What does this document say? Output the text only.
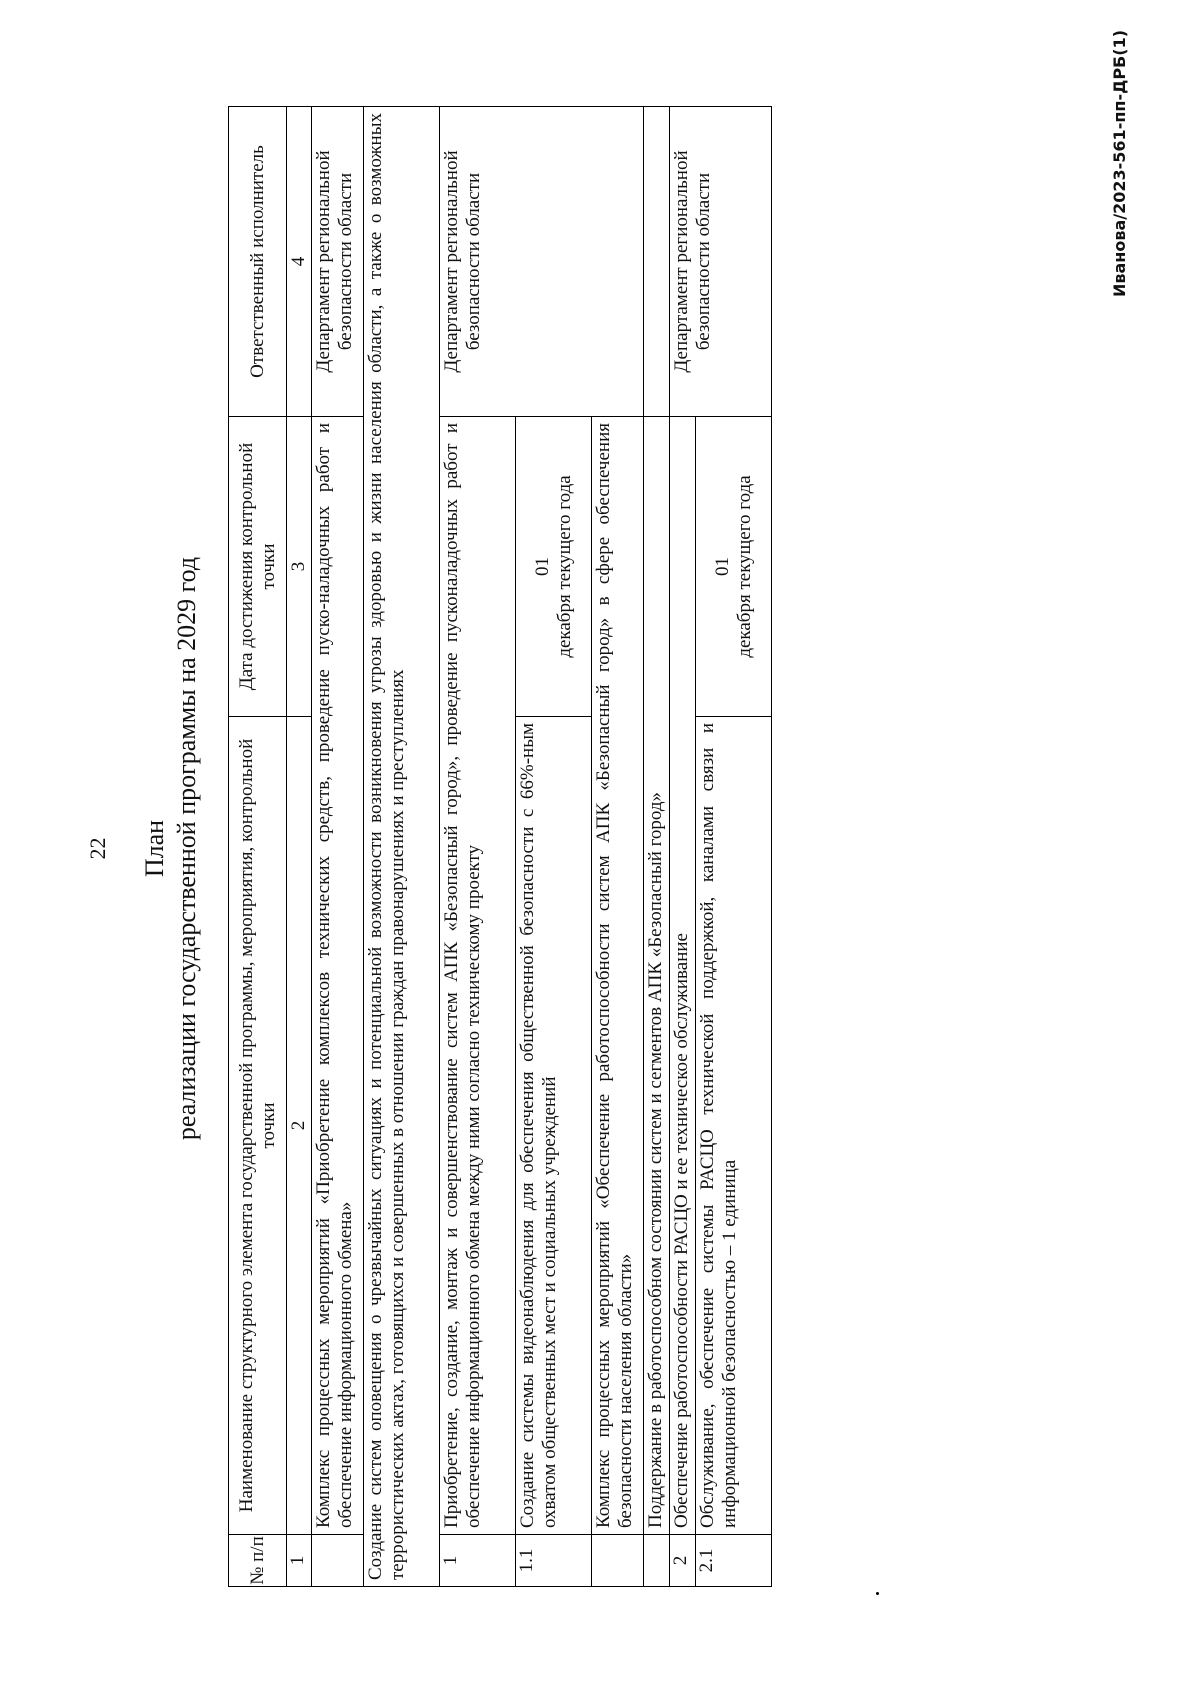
22 План реализации государственной программы на 2029 год
№ п/п	Наименование структурного элемента государственной программы, мероприятия, контрольной точки	Дата достижения контрольной точки	Ответственный исполнитель
1	2	3	4
	Комплекс процессных мероприятий «Приобретение комплексов технических средств, проведение пуско-наладочных работ и обеспечение информационного обмена»		Департамент региональной безопасности области
Создание систем оповещения о чрезвычайных ситуациях и потенциальной возможности возникновения угрозы здоровью и жизни населения области, а также о возможных террористических актах, готовящихся и совершенных в отношении граждан правонарушениях и преступлениях			
1	Приобретение, создание, монтаж и совершенствование систем АПК «Безопасный город», проведение пусконаладочных работ и обеспечение информационного обмена между ними согласно техническому проекту		Департамент региональной безопасности области
1.1	Создание системы видеонаблюдения для обеспечения общественной безопасности с 66%-ным охватом общественных мест и социальных учреждений	01 декабря текущего года	

	Комплекс процессных мероприятий «Обеспечение работоспособности систем АПК «Безопасный город» в сфере обеспечения безопасности населения области»		
	Поддержание в работоспособном состоянии систем и сегментов АПК «Безопасный город»		
2	Обеспечение работоспособности РАСЦО и ее техническое обслуживание		Департамент региональной безопасности области
2.1	Обслуживание, обеспечение системы РАСЦО технической поддержкой, каналами связи и информационной безопасностью – 1 единица	01 декабря текущего года	
Иванова/2023-561-пп-ДРБ(1)
